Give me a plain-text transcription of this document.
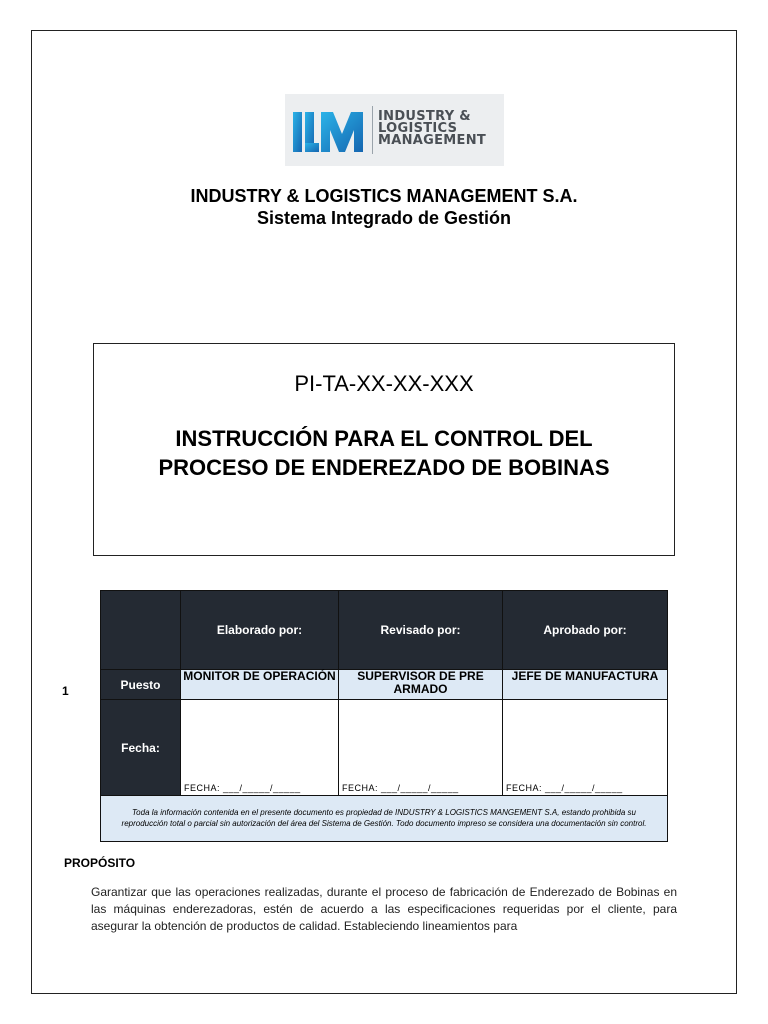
INDUSTRY &
LOGISTICS
MANAGEMENT
INDUSTRY & LOGISTICS MANAGEMENT S.A.
Sistema Integrado de Gestión
PI-TA-XX-XX-XXX
INSTRUCCIÓN PARA EL CONTROL DEL
PROCESO DE ENDEREZADO DE BOBINAS
1
	Elaborado por:	Revisado por:	Aprobado por:
Puesto	MONITOR DE OPERACIÓN	SUPERVISOR DE PRE ARMADO	JEFE DE MANUFACTURA
Fecha:	FECHA: ___/_____/_____	FECHA: ___/_____/_____	FECHA: ___/_____/_____
Toda la información contenida en el presente documento es propiedad de INDUSTRY & LOGISTICS MANGEMENT S.A, estando prohibida su reproducción total o parcial sin autorización del área del Sistema de Gestión. Todo documento impreso se considera una documentación sin control.			
PROPÓSITO
Garantizar que las operaciones realizadas, durante el proceso de fabricación de Enderezado de Bobinas en las máquinas enderezadoras, estén de acuerdo a las especificaciones requeridas por el cliente, para asegurar la obtención de productos de calidad. Estableciendo lineamientos para
